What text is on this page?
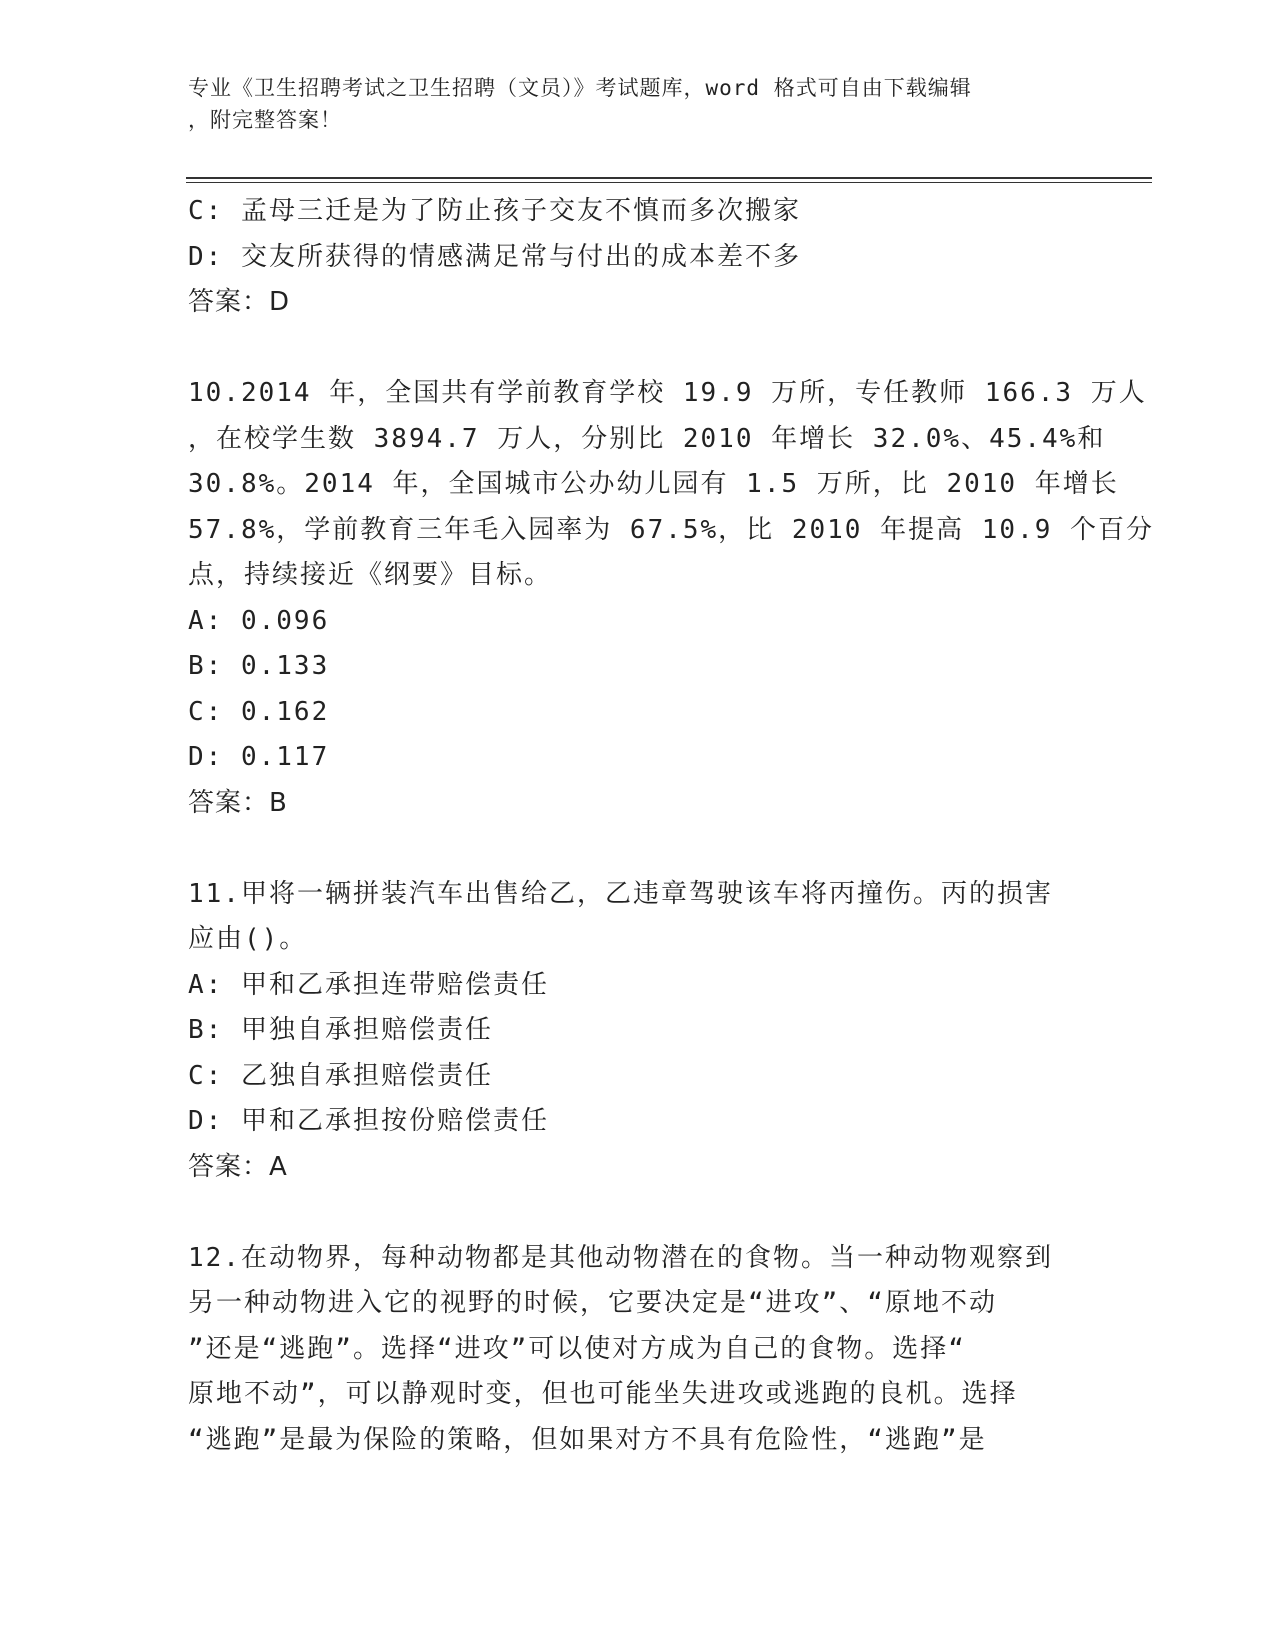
专业《卫生招聘考试之卫生招聘（文员）》考试题库，word 格式可自由下载编辑
，附完整答案！
C: 孟母三迁是为了防止孩子交友不慎而多次搬家
D: 交友所获得的情感满足常与付出的成本差不多
答案：D
10.2014 年，全国共有学前教育学校 19.9 万所，专任教师 166.3 万人
，在校学生数 3894.7 万人，分别比 2010 年增长 32.0%、45.4%和
30.8%。2014 年，全国城市公办幼儿园有 1.5 万所，比 2010 年增长
57.8%，学前教育三年毛入园率为 67.5%，比 2010 年提高 10.9 个百分
点，持续接近《纲要》目标。
A: 0.096
B: 0.133
C: 0.162
D: 0.117
答案：B
11.甲将一辆拼装汽车出售给乙，乙违章驾驶该车将丙撞伤。丙的损害
应由()。
A: 甲和乙承担连带赔偿责任
B: 甲独自承担赔偿责任
C: 乙独自承担赔偿责任
D: 甲和乙承担按份赔偿责任
答案：A
12.在动物界，每种动物都是其他动物潜在的食物。当一种动物观察到
另一种动物进入它的视野的时候，它要决定是“进攻”、“原地不动
”还是“逃跑”。选择“进攻”可以使对方成为自己的食物。选择“
原地不动”，可以静观时变，但也可能坐失进攻或逃跑的良机。选择
“逃跑”是最为保险的策略，但如果对方不具有危险性，“逃跑”是
